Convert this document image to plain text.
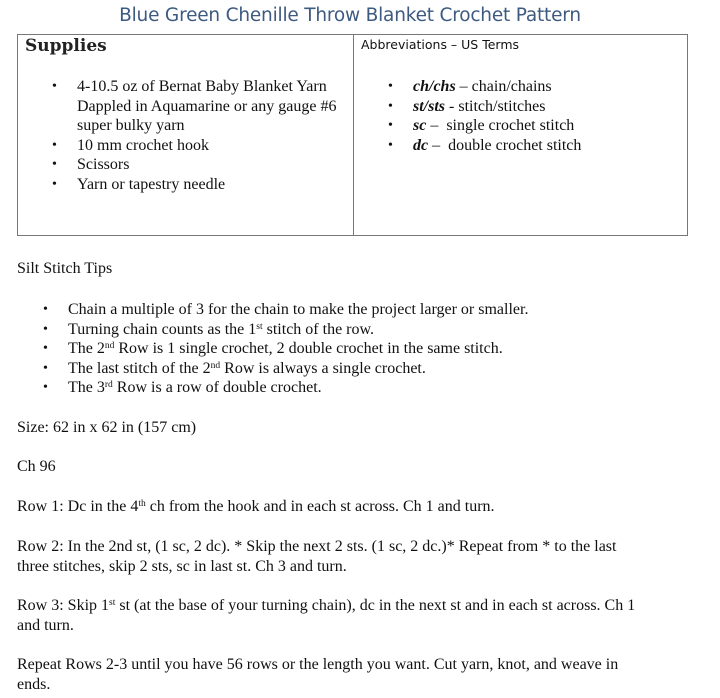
Blue Green Chenille Throw Blanket Crochet Pattern
Supplies
• 4-10.5 oz of Bernat Baby Blanket Yarn Dappled in Aquamarine or any gauge #6 super bulky yarn
• 10 mm crochet hook
• Scissors
• Yarn or tapestry needle
Abbreviations – US Terms
• ch/chs – chain/chains
• st/sts - stitch/stitches
• sc –  single crochet stitch
• dc –  double crochet stitch
Silt Stitch Tips
• Chain a multiple of 3 for the chain to make the project larger or smaller.
• Turning chain counts as the 1st stitch of the row.
• The 2nd Row is 1 single crochet, 2 double crochet in the same stitch.
• The last stitch of the 2nd Row is always a single crochet.
• The 3rd Row is a row of double crochet.
Size: 62 in x 62 in (157 cm)
Ch 96
Row 1: Dc in the 4th ch from the hook and in each st across. Ch 1 and turn.
Row 2: In the 2nd st, (1 sc, 2 dc). * Skip the next 2 sts. (1 sc, 2 dc.)* Repeat from * to the last
three stitches, skip 2 sts, sc in last st. Ch 3 and turn.
Row 3: Skip 1st st (at the base of your turning chain), dc in the next st and in each st across. Ch 1
and turn.
Repeat Rows 2-3 until you have 56 rows or the length you want. Cut yarn, knot, and weave in
ends.
